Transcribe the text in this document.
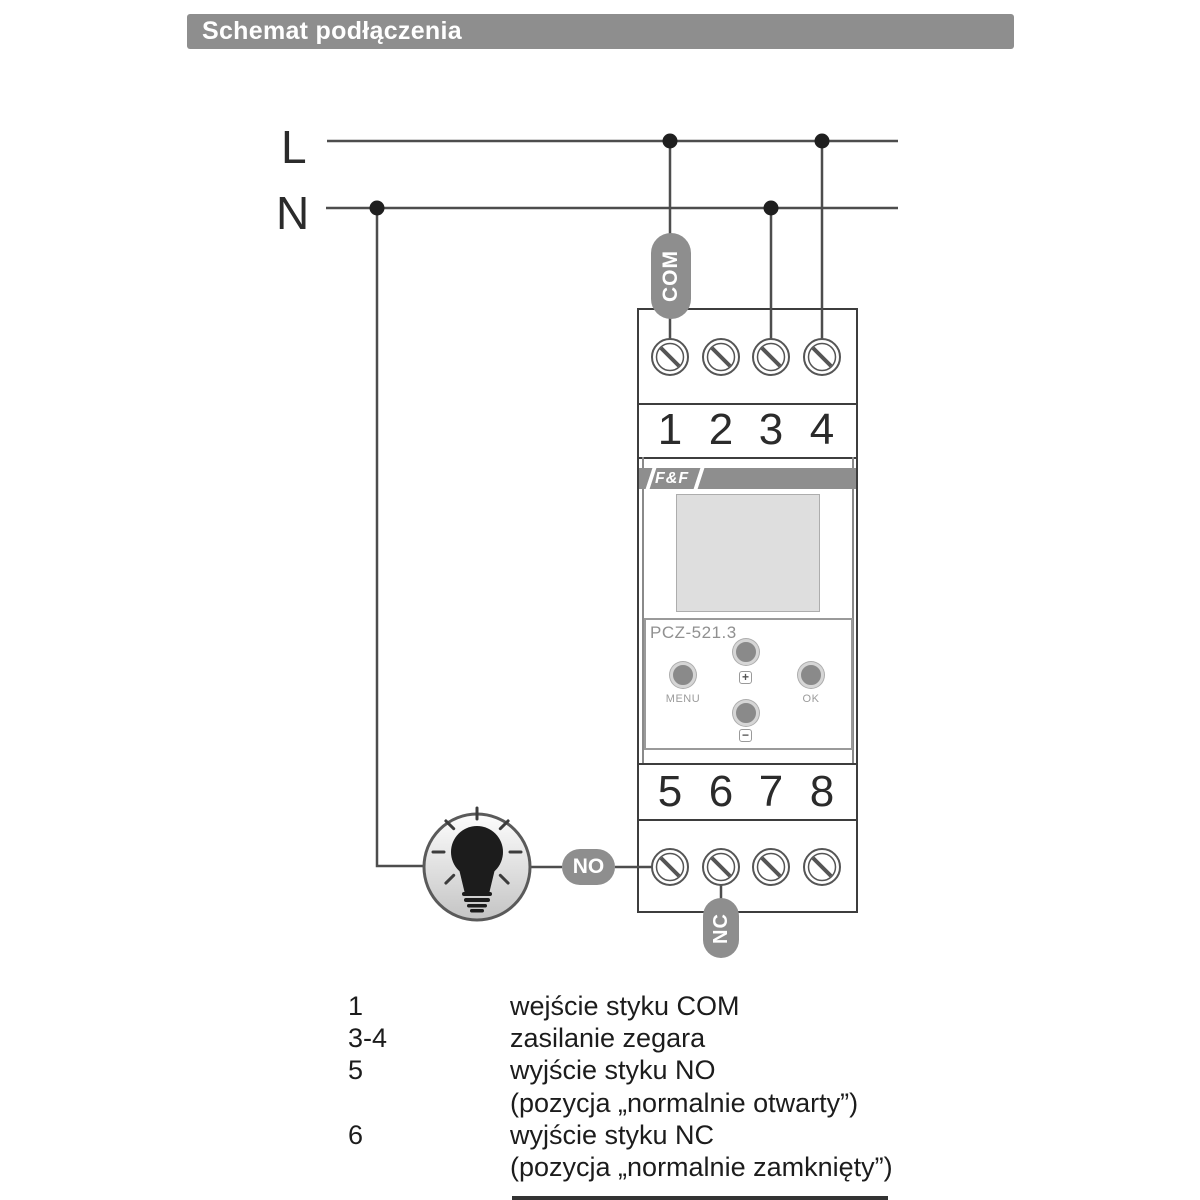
Schemat podłączenia
L
N
F&F
PCZ-521.3
+
−
MENU	OK
1 2 3 4
5 6 7 8
COM
NO
NC
1	wejście styku COM
3-4	zasilanie zegara
5	wyjście styku NO
(pozycja „normalnie otwarty”)
6	wyjście styku NC
(pozycja „normalnie zamknięty”)
